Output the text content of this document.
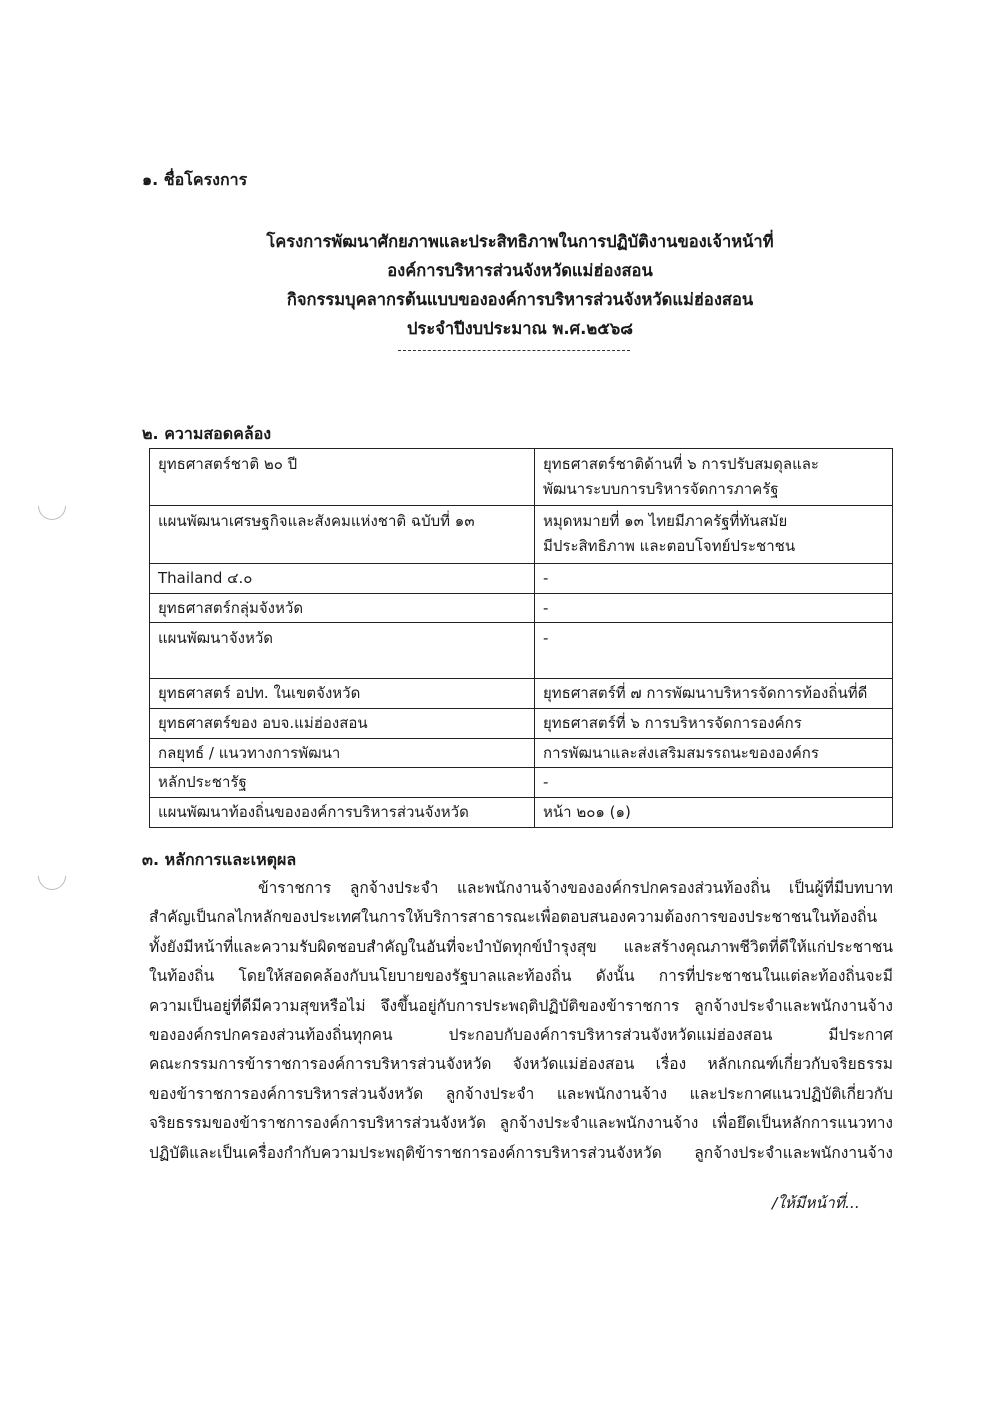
๑. ชื่อโครงการ
โครงการพัฒนาศักยภาพและประสิทธิภาพในการปฏิบัติงานของเจ้าหน้าที่
องค์การบริหารส่วนจังหวัดแม่ฮ่องสอน
กิจกรรมบุคลากรต้นแบบขององค์การบริหารส่วนจังหวัดแม่ฮ่องสอน
ประจำปีงบประมาณ พ.ศ.๒๕๖๘
๒. ความสอดคล้อง
ยุทธศาสตร์ชาติ ๒๐ ปี	ยุทธศาสตร์ชาติด้านที่ ๖ การปรับสมดุลและ
พัฒนาระบบการบริหารจัดการภาครัฐ
แผนพัฒนาเศรษฐกิจและสังคมแห่งชาติ ฉบับที่ ๑๓	หมุดหมายที่ ๑๓ ไทยมีภาครัฐที่ทันสมัย
มีประสิทธิภาพ และตอบโจทย์ประชาชน
Thailand ๔.๐	-
ยุทธศาสตร์กลุ่มจังหวัด	-
แผนพัฒนาจังหวัด	-
ยุทธศาสตร์ อปท. ในเขตจังหวัด	ยุทธศาสตร์ที่ ๗ การพัฒนาบริหารจัดการท้องถิ่นที่ดี
ยุทธศาสตร์ของ อบจ.แม่ฮ่องสอน	ยุทธศาสตร์ที่ ๖ การบริหารจัดการองค์กร
กลยุทธ์ / แนวทางการพัฒนา	การพัฒนาและส่งเสริมสมรรถนะขององค์กร
หลักประชารัฐ	-
แผนพัฒนาท้องถิ่นขององค์การบริหารส่วนจังหวัด	หน้า ๒๐๑ (๑)
๓. หลักการและเหตุผล
ข้าราชการ ลูกจ้างประจำ และพนักงานจ้างขององค์กรปกครองส่วนท้องถิ่น เป็นผู้ที่มีบทบาท
สำคัญเป็นกลไกหลักของประเทศในการให้บริการสาธารณะเพื่อตอบสนองความต้องการของประชาชนในท้องถิ่น
ทั้งยังมีหน้าที่และความรับผิดชอบสำคัญในอันที่จะบำบัดทุกข์บำรุงสุข และสร้างคุณภาพชีวิตที่ดีให้แก่ประชาชน
ในท้องถิ่น โดยให้สอดคล้องกับนโยบายของรัฐบาลและท้องถิ่น ดังนั้น การที่ประชาชนในแต่ละท้องถิ่นจะมี
ความเป็นอยู่ที่ดีมีความสุขหรือไม่ จึงขึ้นอยู่กับการประพฤติปฏิบัติของข้าราชการ ลูกจ้างประจำและพนักงานจ้าง
ขององค์กรปกครองส่วนท้องถิ่นทุกคน ประกอบกับองค์การบริหารส่วนจังหวัดแม่ฮ่องสอน มีประกาศ
คณะกรรมการข้าราชการองค์การบริหารส่วนจังหวัด จังหวัดแม่ฮ่องสอน เรื่อง หลักเกณฑ์เกี่ยวกับจริยธรรม
ของข้าราชการองค์การบริหารส่วนจังหวัด ลูกจ้างประจำ และพนักงานจ้าง และประกาศแนวปฏิบัติเกี่ยวกับ
จริยธรรมของข้าราชการองค์การบริหารส่วนจังหวัด ลูกจ้างประจำและพนักงานจ้าง เพื่อยึดเป็นหลักการแนวทาง
ปฏิบัติและเป็นเครื่องกำกับความประพฤติข้าราชการองค์การบริหารส่วนจังหวัด ลูกจ้างประจำและพนักงานจ้าง
/ให้มีหน้าที่...
